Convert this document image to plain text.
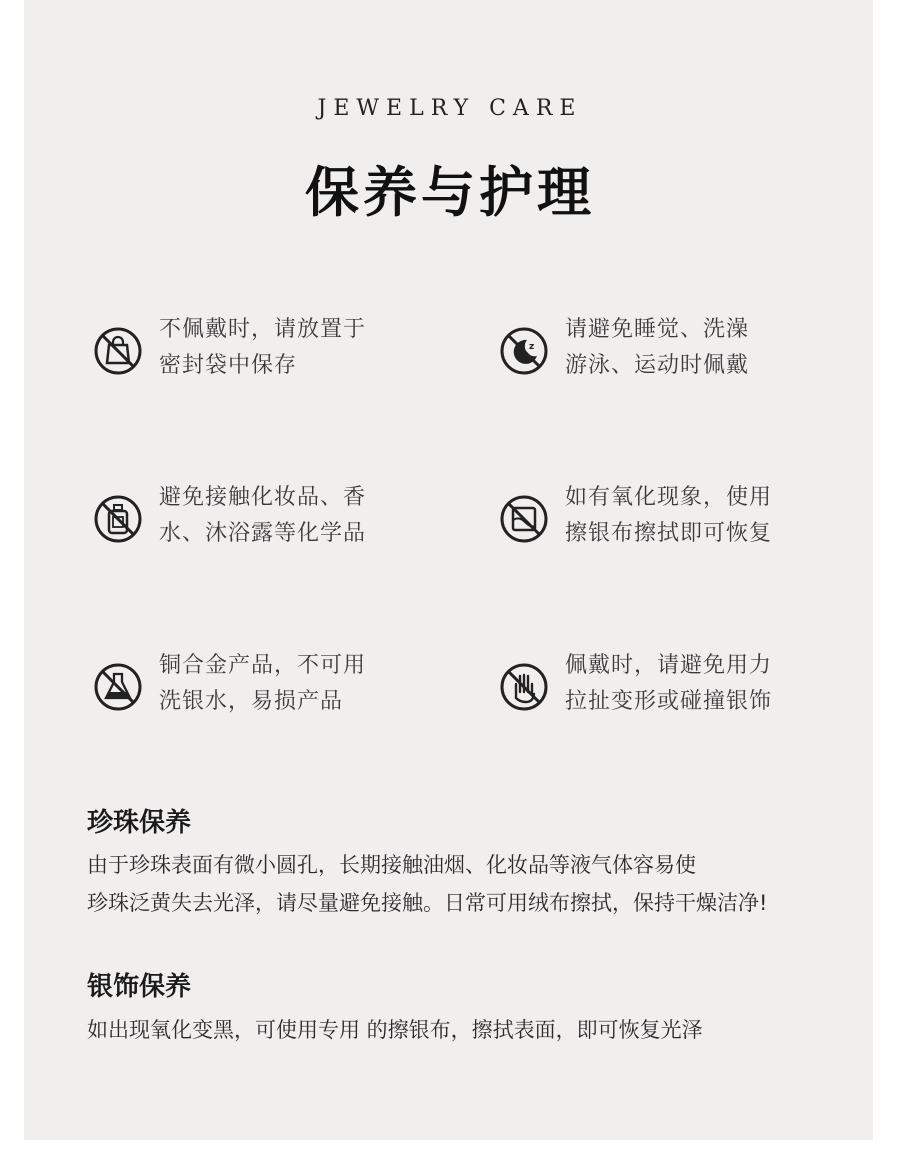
JEWELRY CARE
保养与护理
不佩戴时，请放置于
密封袋中保存
z
请避免睡觉、洗澡
游泳、运动时佩戴
避免接触化妆品、香
水、沐浴露等化学品
如有氧化现象，使用
擦银布擦拭即可恢复
铜合金产品，不可用
洗银水，易损产品
佩戴时，请避免用力
拉扯变形或碰撞银饰
珍珠保养
由于珍珠表面有微小圆孔，长期接触油烟、化妆品等液气体容易使
珍珠泛黄失去光泽，请尽量避免接触。日常可用绒布擦拭，保持干燥洁净!
银饰保养
如出现氧化变黑，可使用专用 的擦银布，擦拭表面，即可恢复光泽
